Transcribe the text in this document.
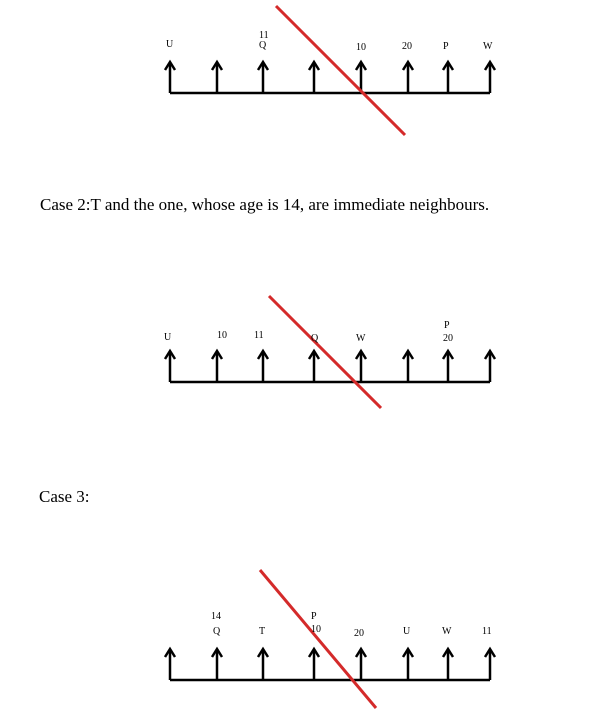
U
11
Q	10	20	P	W
U	10	11	Q	W
P
20
14
Q	T
P
10	20	U	W	11
Case 2:T and the one, whose age is 14, are immediate neighbours.
Case 3:
